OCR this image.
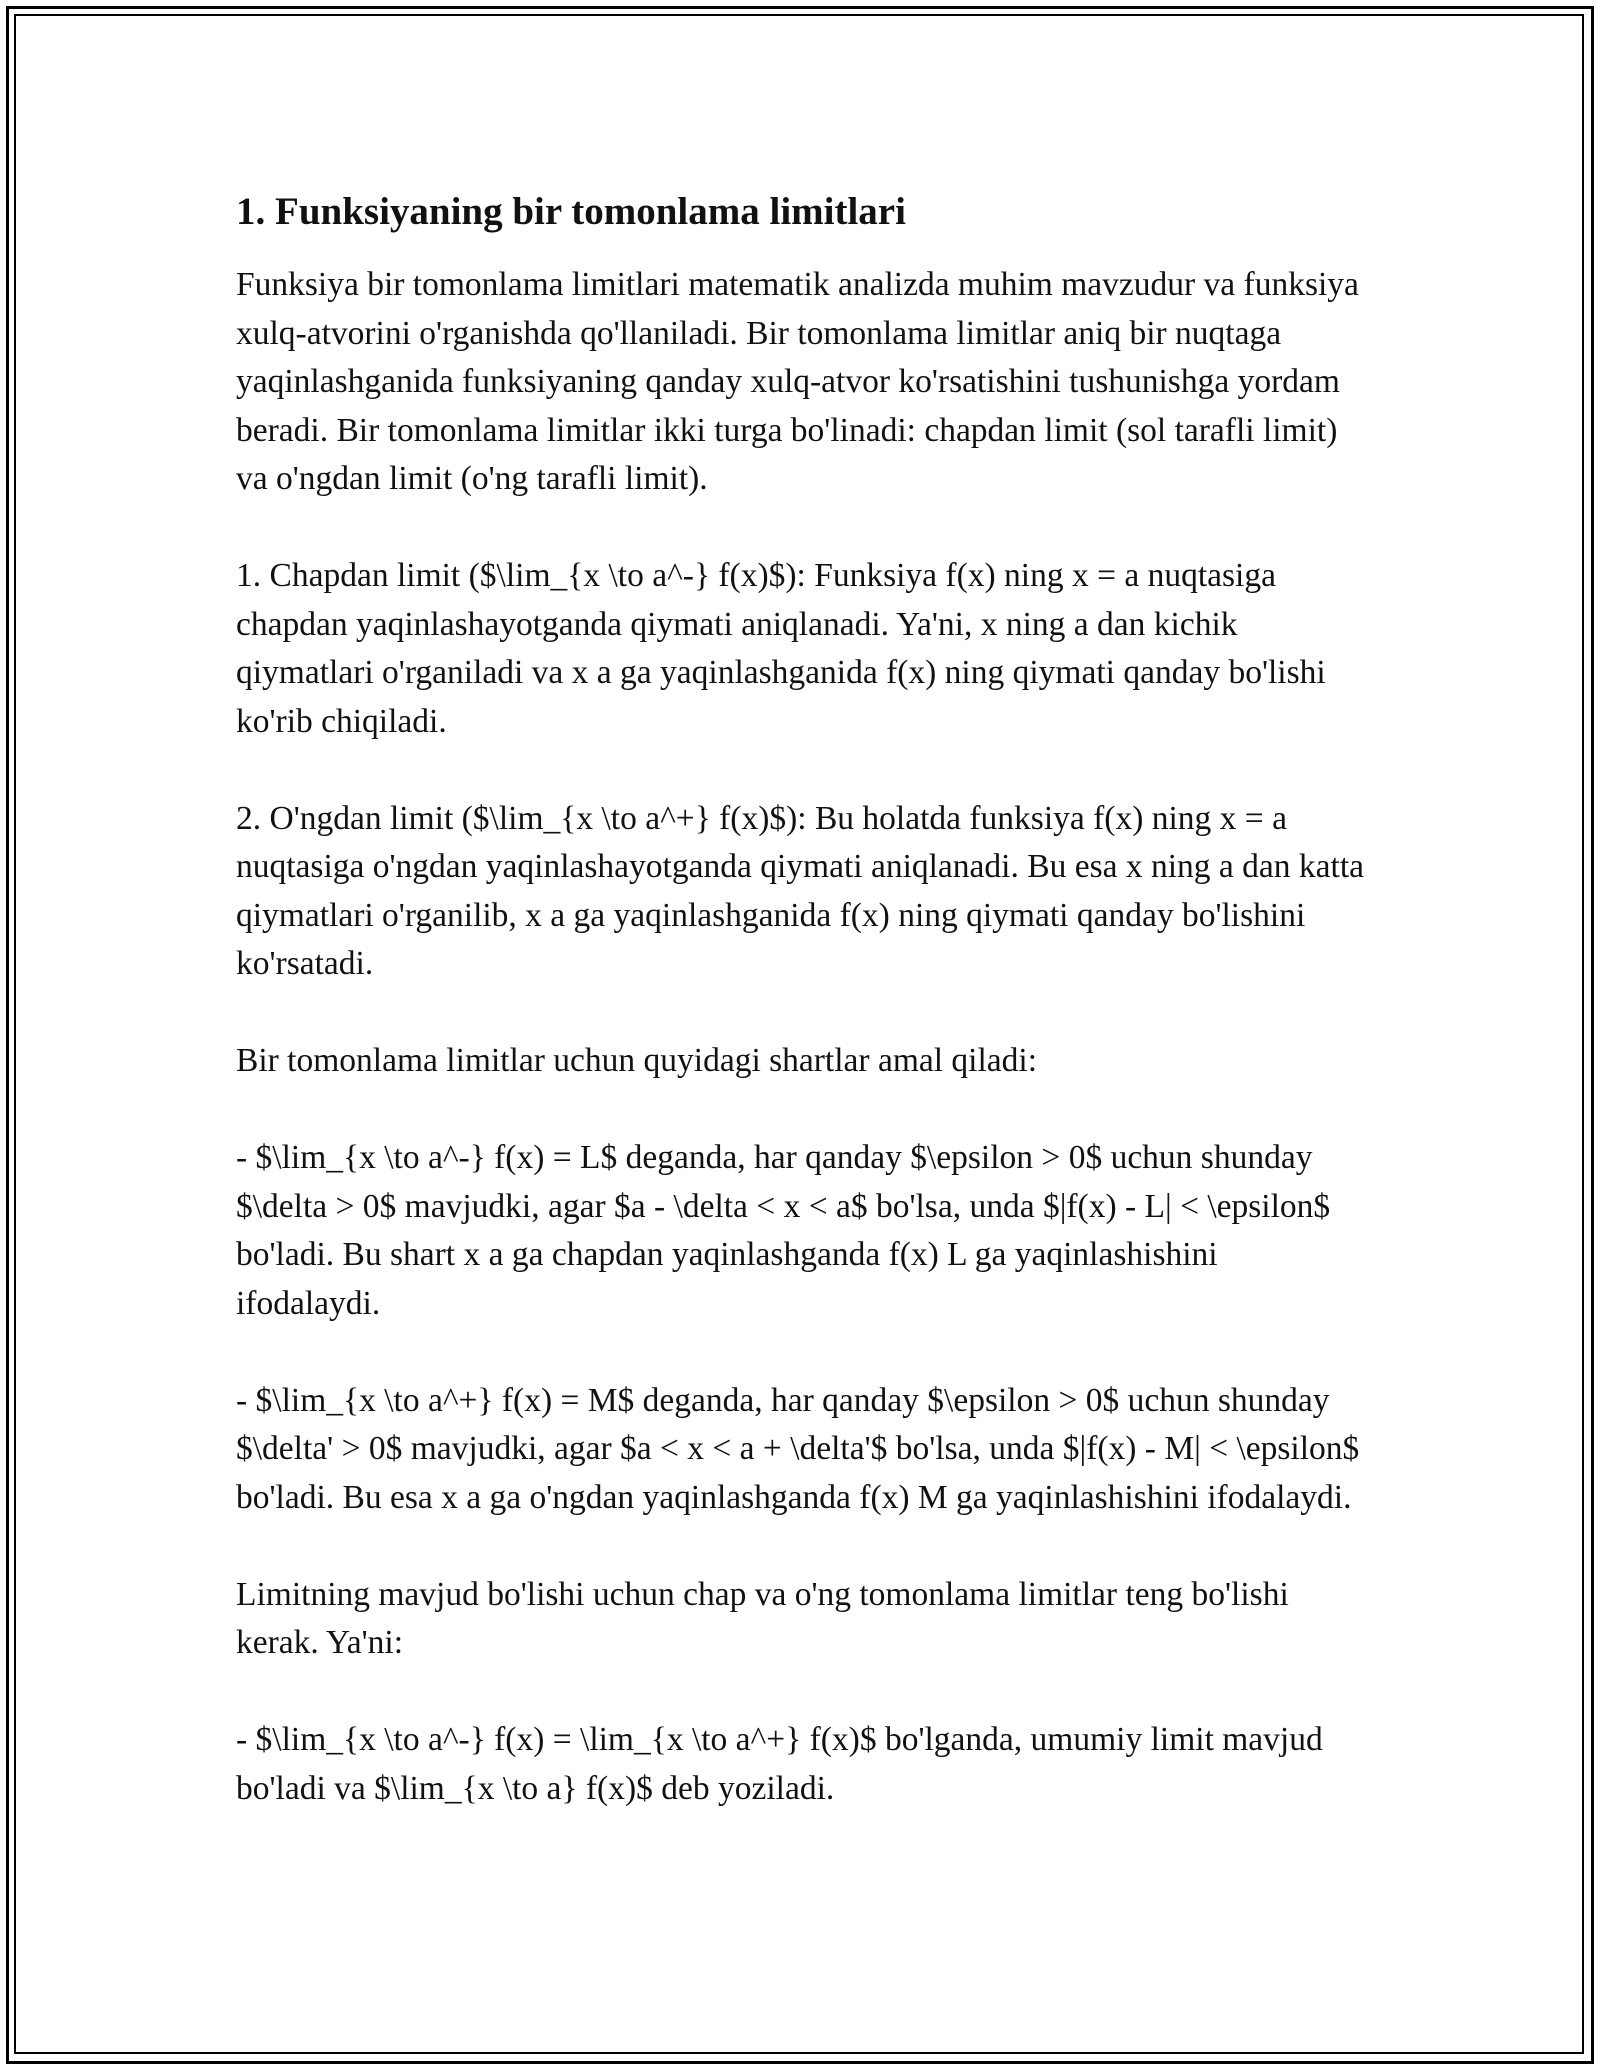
1. Funksiyaning bir tomonlama limitlari

Funksiya bir tomonlama limitlari matematik analizda muhim mavzudur va funksiya xulq-atvorini o'rganishda qo'llaniladi. Bir tomonlama limitlar aniq bir nuqtaga yaqinlashganida funksiyaning qanday xulq-atvor ko'rsatishini tushunishga yordam beradi. Bir tomonlama limitlar ikki turga bo'linadi: chapdan limit (sol tarafli limit) va o'ngdan limit (o'ng tarafli limit).

1. Chapdan limit ($\lim_{x \to a^-} f(x)$): Funksiya f(x) ning x = a nuqtasiga chapdan yaqinlashayotganda qiymati aniqlanadi. Ya'ni, x ning a dan kichik qiymatlari o'rganiladi va x a ga yaqinlashganida f(x) ning qiymati qanday bo'lishi ko'rib chiqiladi.

2. O'ngdan limit ($\lim_{x \to a^+} f(x)$): Bu holatda funksiya f(x) ning x = a nuqtasiga o'ngdan yaqinlashayotganda qiymati aniqlanadi. Bu esa x ning a dan katta qiymatlari o'rganilib, x a ga yaqinlashganida f(x) ning qiymati qanday bo'lishini ko'rsatadi.

Bir tomonlama limitlar uchun quyidagi shartlar amal qiladi:

- $\lim_{x \to a^-} f(x) = L$ deganda, har qanday $\epsilon > 0$ uchun shunday $\delta > 0$ mavjudki, agar $a - \delta < x < a$ bo'lsa, unda $|f(x) - L| < \epsilon$ bo'ladi. Bu shart x a ga chapdan yaqinlashganda f(x) L ga yaqinlashishini ifodalaydi.

- $\lim_{x \to a^+} f(x) = M$ deganda, har qanday $\epsilon > 0$ uchun shunday $\delta' > 0$ mavjudki, agar $a < x < a + \delta'$ bo'lsa, unda $|f(x) - M| < \epsilon$ bo'ladi. Bu esa x a ga o'ngdan yaqinlashganda f(x) M ga yaqinlashishini ifodalaydi.

Limitning mavjud bo'lishi uchun chap va o'ng tomonlama limitlar teng bo'lishi kerak. Ya'ni:

- $\lim_{x \to a^-} f(x) = \lim_{x \to a^+} f(x)$ bo'lganda, umumiy limit mavjud bo'ladi va $\lim_{x \to a} f(x)$ deb yoziladi.
